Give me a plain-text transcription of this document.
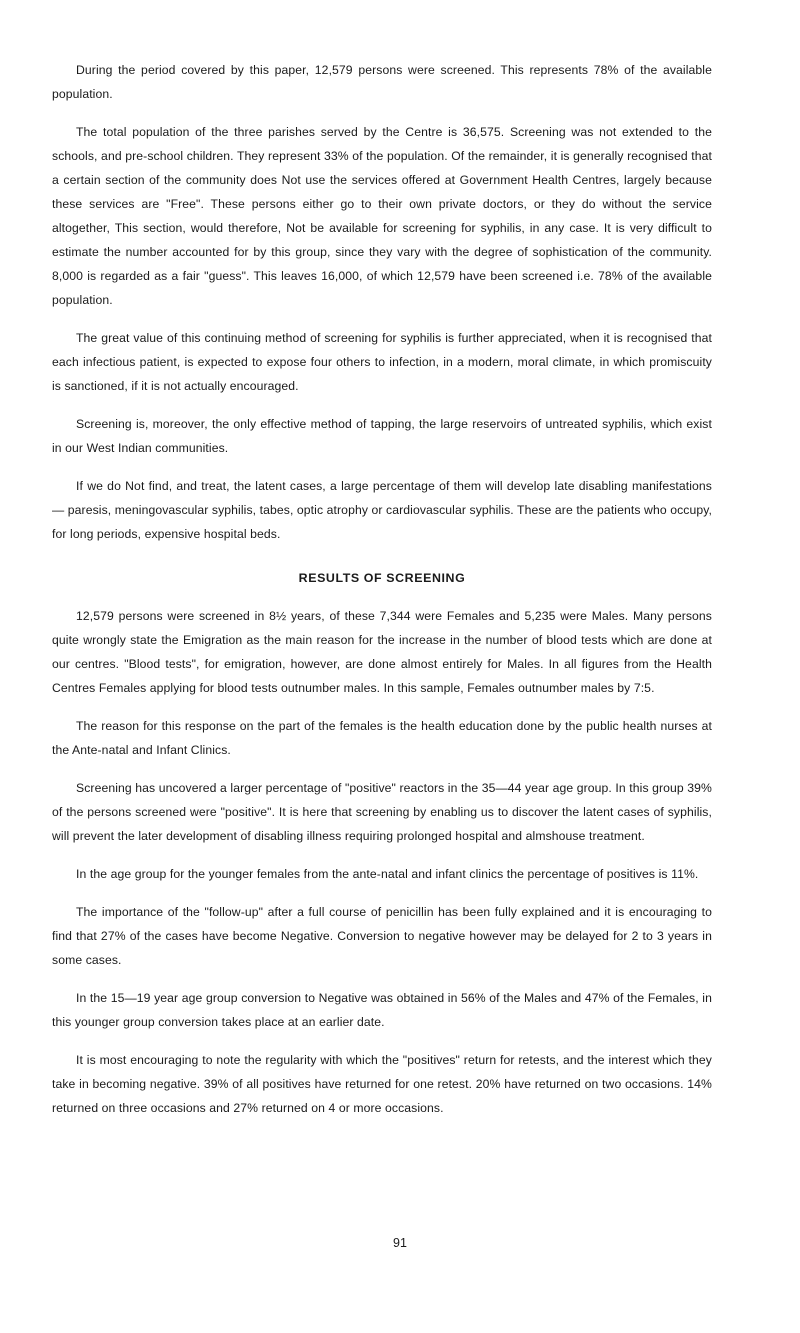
During the period covered by this paper, 12,579 persons were screened. This represents 78% of the available population.

The total population of the three parishes served by the Centre is 36,575. Screening was not extended to the schools, and pre-school children. They represent 33% of the population. Of the remainder, it is generally recognised that a certain section of the community does Not use the services offered at Government Health Centres, largely because these services are "Free". These persons either go to their own private doctors, or they do without the service altogether, This section, would therefore, Not be available for screening for syphilis, in any case. It is very difficult to estimate the number accounted for by this group, since they vary with the degree of sophistication of the community. 8,000 is regarded as a fair "guess". This leaves 16,000, of which 12,579 have been screened i.e. 78% of the available population.

The great value of this continuing method of screening for syphilis is further appreciated, when it is recognised that each infectious patient, is expected to expose four others to infection, in a modern, moral climate, in which promiscuity is sanctioned, if it is not actually encouraged.

Screening is, moreover, the only effective method of tapping, the large reservoirs of untreated syphilis, which exist in our West Indian communities.

If we do Not find, and treat, the latent cases, a large percentage of them will develop late disabling manifestations — paresis, meningovascular syphilis, tabes, optic atrophy or cardiovascular syphilis. These are the patients who occupy, for long periods, expensive hospital beds.

RESULTS OF SCREENING

12,579 persons were screened in 8½ years, of these 7,344 were Females and 5,235 were Males. Many persons quite wrongly state the Emigration as the main reason for the increase in the number of blood tests which are done at our centres. "Blood tests", for emigration, however, are done almost entirely for Males. In all figures from the Health Centres Females applying for blood tests outnumber males. In this sample, Females outnumber males by 7:5.

The reason for this response on the part of the females is the health education done by the public health nurses at the Ante-natal and Infant Clinics.

Screening has uncovered a larger percentage of "positive" reactors in the 35—44 year age group. In this group 39% of the persons screened were "positive". It is here that screening by enabling us to discover the latent cases of syphilis, will prevent the later development of disabling illness requiring prolonged hospital and almshouse treatment.

In the age group for the younger females from the ante-natal and infant clinics the percentage of positives is 11%.

The importance of the "follow-up" after a full course of penicillin has been fully explained and it is encouraging to find that 27% of the cases have become Negative. Conversion to negative however may be delayed for 2 to 3 years in some cases.

In the 15—19 year age group conversion to Negative was obtained in 56% of the Males and 47% of the Females, in this younger group conversion takes place at an earlier date.

It is most encouraging to note the regularity with which the "positives" return for retests, and the interest which they take in becoming negative. 39% of all positives have returned for one retest. 20% have returned on two occasions. 14% returned on three occasions and 27% returned on 4 or more occasions.

91
